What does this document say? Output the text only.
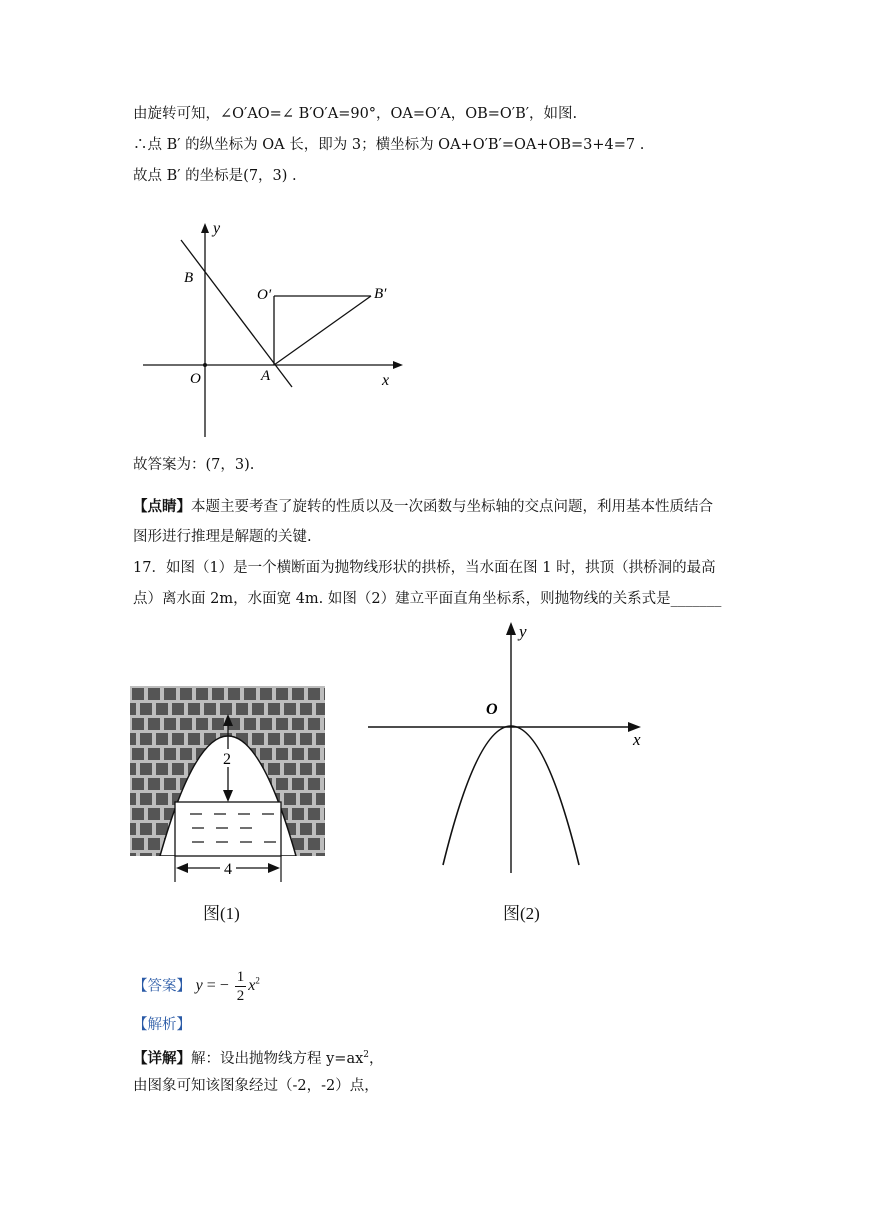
由旋转可知，∠O′AO=∠ B′O′A=90°，OA=O′A，OB=O′B′，如图.
∴点 B′ 的纵坐标为 OA 长，即为 3；横坐标为 OA+O′B′=OA+OB=3+4=7 .
故点 B′ 的坐标是(7，3) .
y
B
O	A
O′	B′
x
故答案为：(7，3).
【点睛】本题主要考查了旋转的性质以及一次函数与坐标轴的交点问题，利用基本性质结合
图形进行推理是解题的关键.
17．如图（1）是一个横断面为抛物线形状的拱桥，当水面在图 1 时，拱顶（拱桥洞的最高
点）离水面 2m，水面宽 4m. 如图（2）建立平面直角坐标系，则抛物线的关系式是_______
2
4
图(1)
y
O
x
图(2)
【答案】 y = − $\frac{1}{2} x^2$
【解析】
【详解】解：设出抛物线方程 $y=ax^2$，
由图象可知该图象经过（-2，-2）点，
